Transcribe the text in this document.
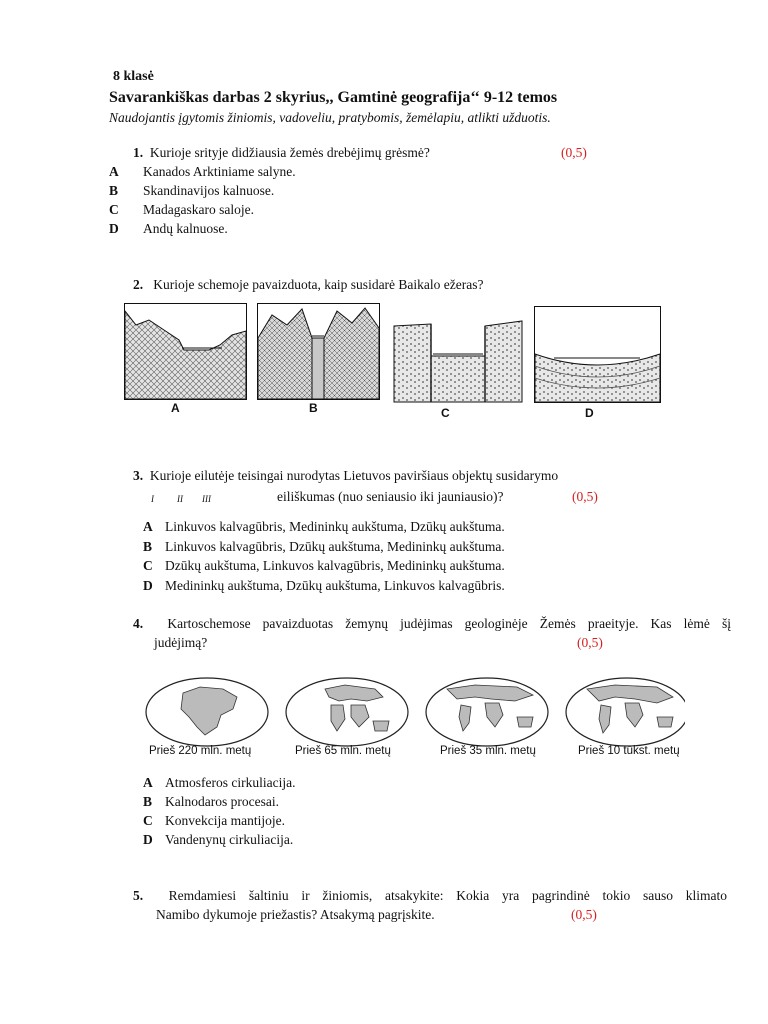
8 klasė
Savarankiškas darbas 2 skyrius,, Gamtinė geografija‘‘ 9-12 temos
Naudojantis įgytomis žiniomis, vadoveliu, pratybomis, žemėlapiu, atlikti užduotis.
1. Kurioje srityje didžiausia žemės drebėjimų grėsmė?	(0,5)
A Kanados Arktiniame salyne.
B Skandinavijos kalnuose.
C Madagaskaro saloje.
D Andų kalnuose.
2. Kurioje schemoje pavaizduota, kaip susidarė Baikalo ežeras?
A	B	C	D
3. Kurioje eilutėje teisingai nurodytas Lietuvos paviršiaus objektų susidarymo
I	II III	eiliškumas (nuo seniausio iki jauniausio)?	(0,5)
A Linkuvos kalvagūbris, Medininkų aukštuma, Dzūkų aukštuma.
B Linkuvos kalvagūbris, Dzūkų aukštuma, Medininkų aukštuma.
C Dzūkų aukštuma, Linkuvos kalvagūbris, Medininkų aukštuma.
D Medininkų aukštuma, Dzūkų aukštuma, Linkuvos kalvagūbris.
4. Kartoschemose pavaizduotas žemynų judėjimas geologinėje Žemės praeityje. Kas lėmė šį
judėjimą?	(0,5)
Prieš 220 mln. metų	Prieš 65 mln. metų	Prieš 35 mln. metų	Prieš 10 tūkst. metų
A Atmosferos cirkuliacija.
B Kalnodaros procesai.
C Konvekcija mantijoje.
D Vandenynų cirkuliacija.
5. Remdamiesi šaltiniu ir žiniomis, atsakykite: Kokia yra pagrindinė tokio sauso klimato
Namibo dykumoje priežastis? Atsakymą pagrįskite.	(0,5)
